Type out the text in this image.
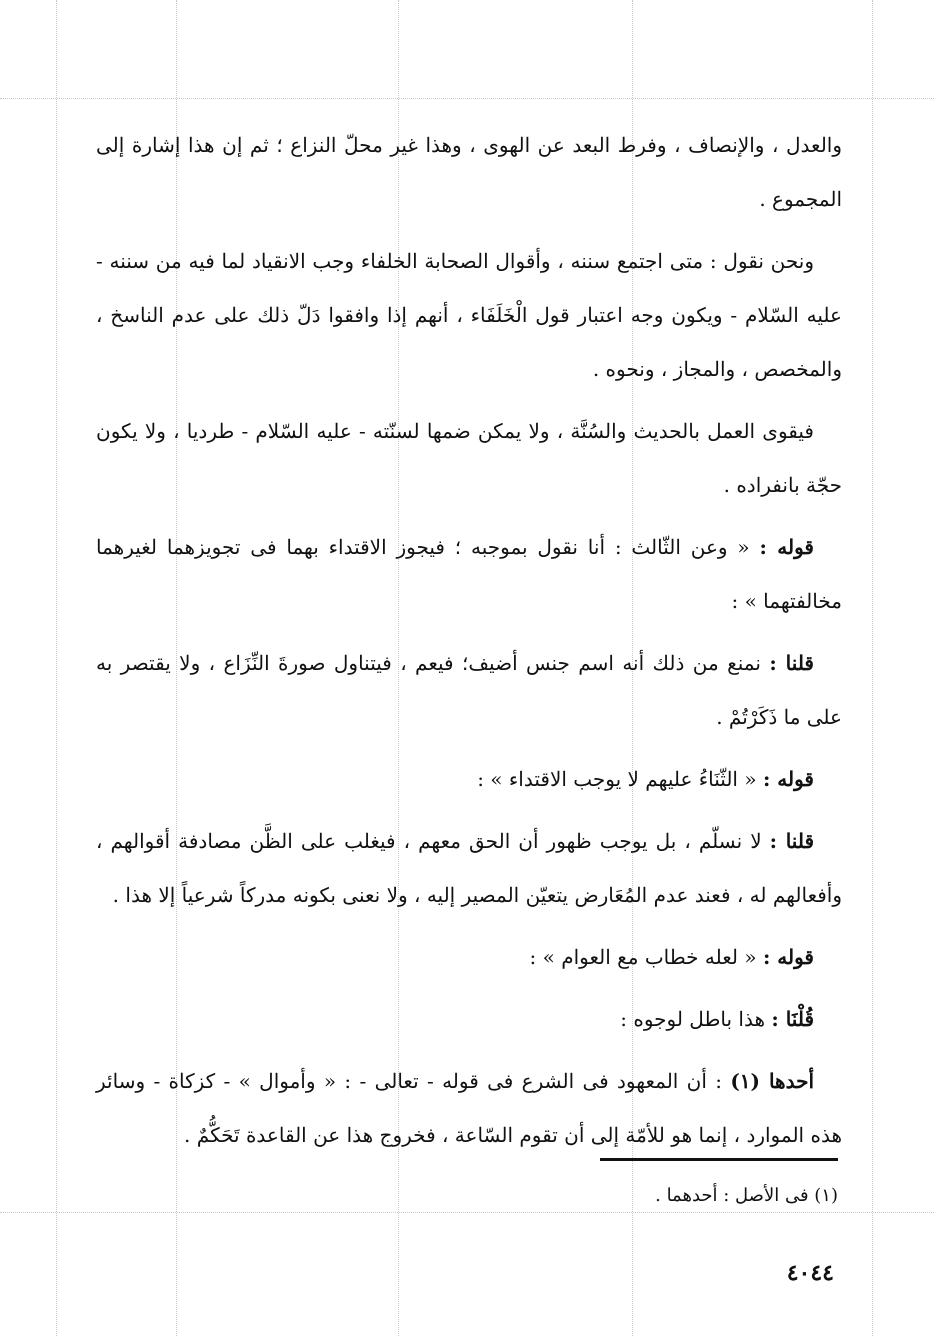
والعدل ، والإنصاف ، وفرط البعد عن الهوى ، وهذا غير محلّ النزاع ؛ ثم إن هذا إشارة إلى المجموع .

ونحن نقول : متى اجتمع سننه ، وأقوال الصحابة الخلفاء وجب الانقياد لما فيه من سننه - عليه السّلام - ويكون وجه اعتبار قول الْخَلَفَاء ، أنهم إذا وافقوا دَلّ ذلك على عدم الناسخ ، والمخصص ، والمجاز ، ونحوه .

فيقوى العمل بالحديث والسُنَّة ، ولا يمكن ضمها لسنّته - عليه السّلام - طرديا ، ولا يكون حجّة بانفراده .

قوله : « وعن الثّالث : أنا نقول بموجبه ؛ فيجوز الاقتداء بهما فى تجويزهما لغيرهما مخالفتهما » :

قلنا : نمنع من ذلك أنه اسم جنس أضيف؛ فيعم ، فيتناول صورةَ النِّزَاع ، ولا يقتصر به على ما ذَكَرْتُمْ .

قوله : « الثّنَاءُ عليهم لا يوجب الاقتداء » :

قلنا : لا نسلّم ، بل يوجب ظهور أن الحق معهم ، فيغلب على الظَّن مصادفة أقوالهم ، وأفعالهم له ، فعند عدم المُعَارض يتعيّن المصير إليه ، ولا نعنى بكونه مدركاً شرعياً إلا هذا .

قوله : « لعله خطاب مع العوام » :

قُلْنَا : هذا باطل لوجوه :

أحدها (١) : أن المعهود فى الشرع فى قوله - تعالى - : « وأموال » - كزكاة - وسائر هذه الموارد ، إنما هو للأمّة إلى أن تقوم السّاعة ، فخروج هذا عن القاعدة تَحَكُّمٌ .

(١) فى الأصل : أحدهما .
٤٠٤٤
